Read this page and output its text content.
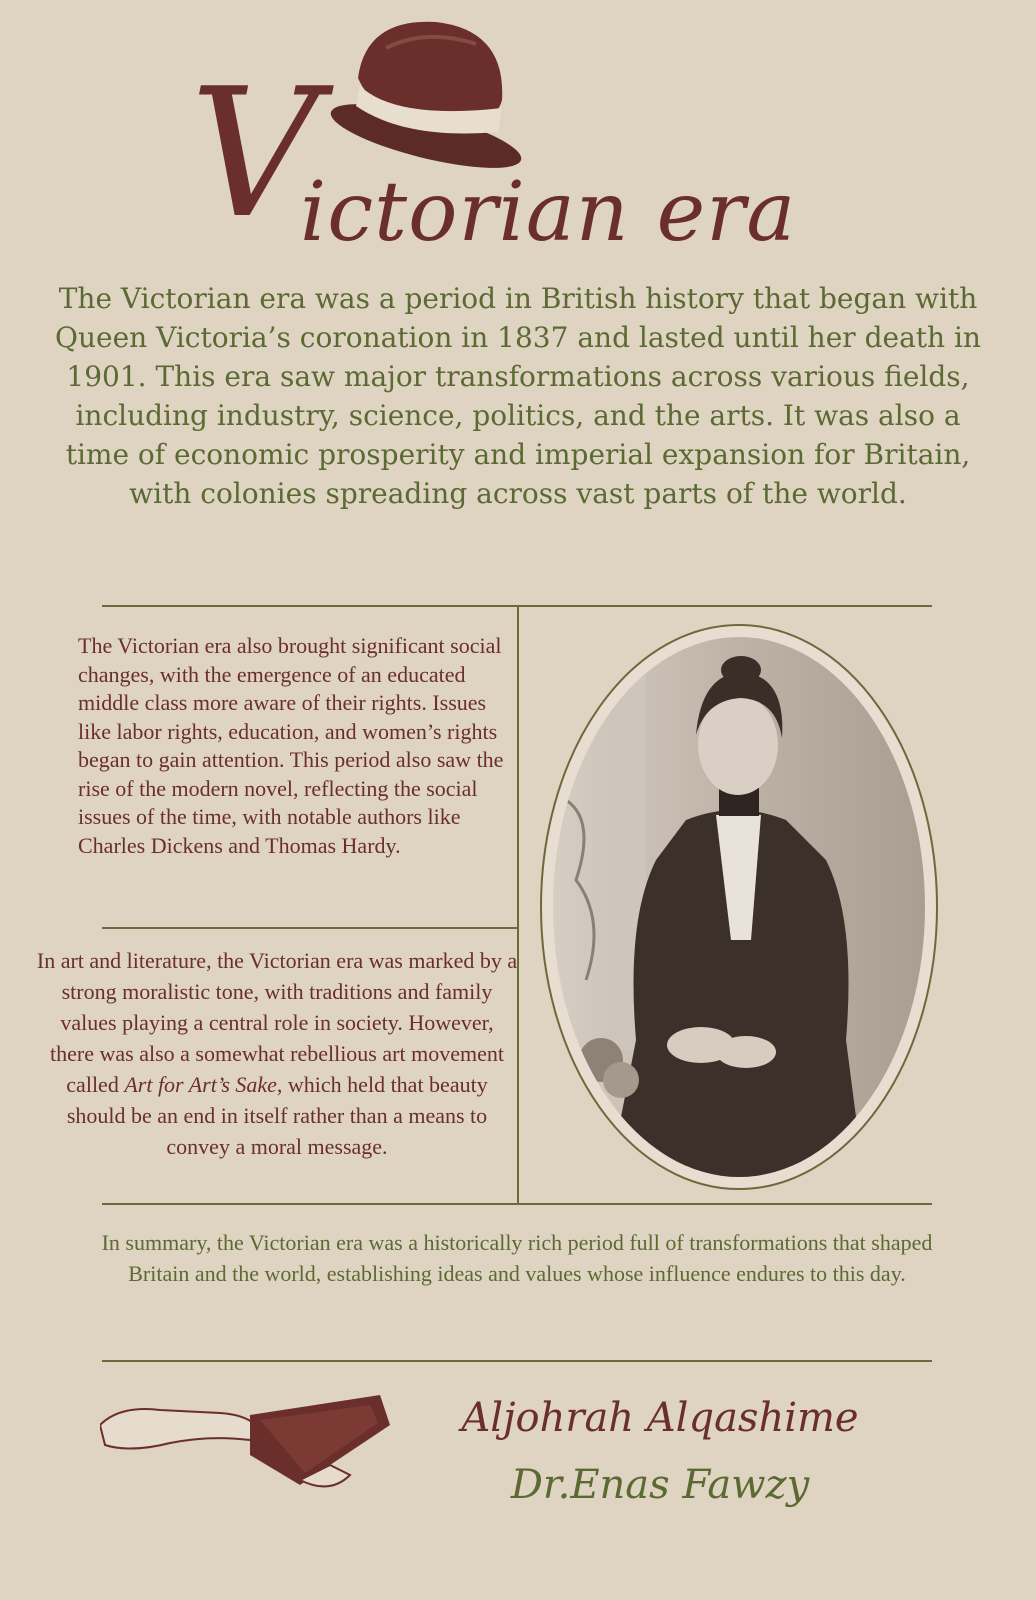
V
ictorian era
The Victorian era was a period in British history that began with Queen Victoria’s coronation in 1837 and lasted until her death in 1901. This era saw major transformations across various fields, including industry, science, politics, and the arts. It was also a time of economic prosperity and imperial expansion for Britain, with colonies spreading across vast parts of the world.
The Victorian era also brought significant social changes, with the emergence of an educated middle class more aware of their rights. Issues like labor rights, education, and women’s rights began to gain attention. This period also saw the rise of the modern novel, reflecting the social issues of the time, with notable authors like Charles Dickens and Thomas Hardy.
In art and literature, the Victorian era was marked by a strong moralistic tone, with traditions and family values playing a central role in society. However, there was also a somewhat rebellious art movement called Art for Art’s Sake, which held that beauty should be an end in itself rather than a means to convey a moral message.
In summary, the Victorian era was a historically rich period full of transformations that shaped Britain and the world, establishing ideas and values whose influence endures to this day.
Aljohrah Alqashime
Dr.Enas Fawzy
